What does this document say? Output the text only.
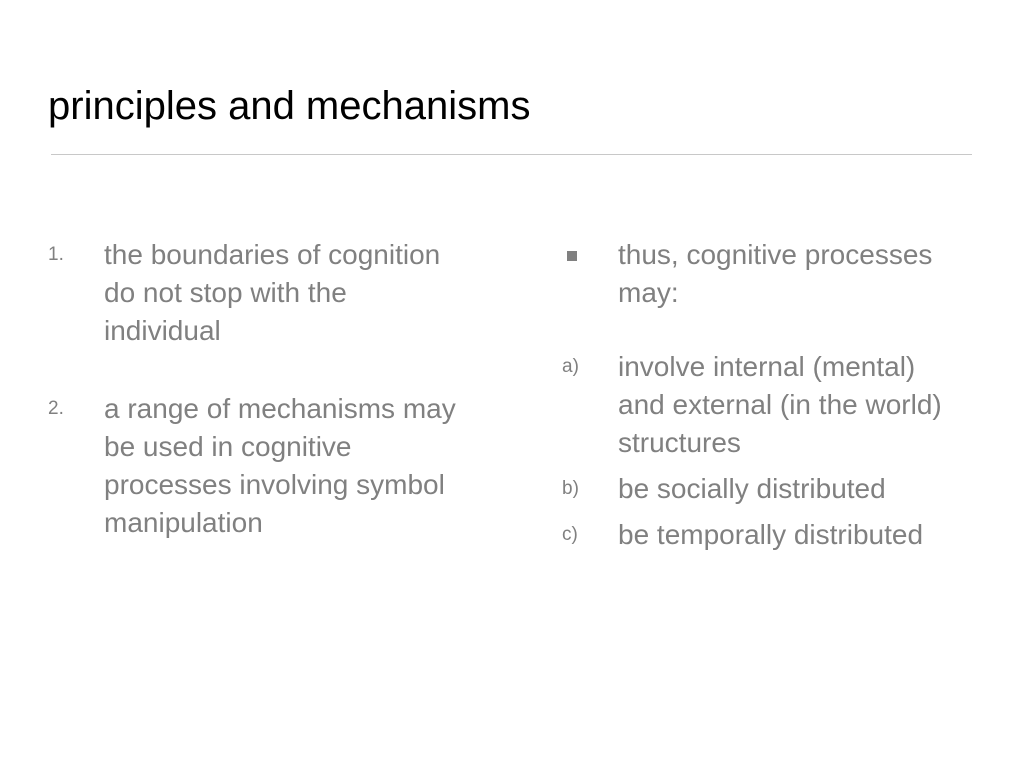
principles and mechanisms
1. the boundaries of cognition do not stop with the individual
2. a range of mechanisms may be used in cognitive processes involving symbol manipulation
thus, cognitive processes may:
a) involve internal (mental) and external (in the world) structures
b) be socially distributed
c) be temporally distributed
